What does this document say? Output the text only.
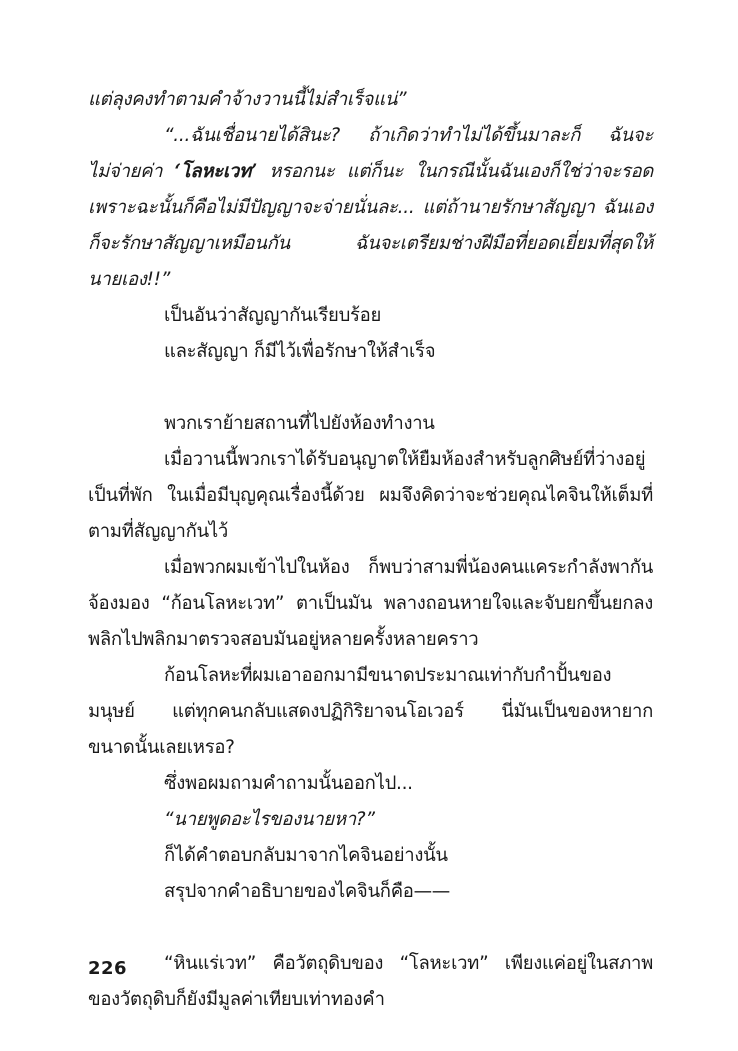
แต่ลุงคงทำตามคำจ้างวานนี้ไม่สำเร็จแน่”
“...ฉันเชื่อนายได้สินะ? ถ้าเกิดว่าทำไม่ได้ขึ้นมาละก็ ฉันจะ
ไม่จ่ายค่า ‘โลหะเวท’ หรอกนะ แต่ก็นะ ในกรณีนั้นฉันเองก็ใช่ว่าจะรอด
เพราะฉะนั้นก็คือไม่มีปัญญาจะจ่ายนั่นละ... แต่ถ้านายรักษาสัญญา ฉันเอง
ก็จะรักษาสัญญาเหมือนกัน ฉันจะเตรียมช่างฝีมือที่ยอดเยี่ยมที่สุดให้
นายเอง!!”
เป็นอันว่าสัญญากันเรียบร้อย
และสัญญา ก็มีไว้เพื่อรักษาให้สำเร็จ
พวกเราย้ายสถานที่ไปยังห้องทำงาน
เมื่อวานนี้พวกเราได้รับอนุญาตให้ยืมห้องสำหรับลูกศิษย์ที่ว่างอยู่
เป็นที่พัก ในเมื่อมีบุญคุณเรื่องนี้ด้วย ผมจึงคิดว่าจะช่วยคุณไคจินให้เต็มที่
ตามที่สัญญากันไว้
เมื่อพวกผมเข้าไปในห้อง ก็พบว่าสามพี่น้องคนแคระกำลังพากัน
จ้องมอง “ก้อนโลหะเวท” ตาเป็นมัน พลางถอนหายใจและจับยกขึ้นยกลง
พลิกไปพลิกมาตรวจสอบมันอยู่หลายครั้งหลายคราว
ก้อนโลหะที่ผมเอาออกมามีขนาดประมาณเท่ากับกำปั้นของ
มนุษย์ แต่ทุกคนกลับแสดงปฏิกิริยาจนโอเวอร์ นี่มันเป็นของหายาก
ขนาดนั้นเลยเหรอ?
ซึ่งพอผมถามคำถามนั้นออกไป...
“นายพูดอะไรของนายหา?”
ก็ได้คำตอบกลับมาจากไคจินอย่างนั้น
สรุปจากคำอธิบายของไคจินก็คือ——
“หินแร่เวท” คือวัตถุดิบของ “โลหะเวท” เพียงแค่อยู่ในสภาพ
ของวัตถุดิบก็ยังมีมูลค่าเทียบเท่าทองคำ
226
